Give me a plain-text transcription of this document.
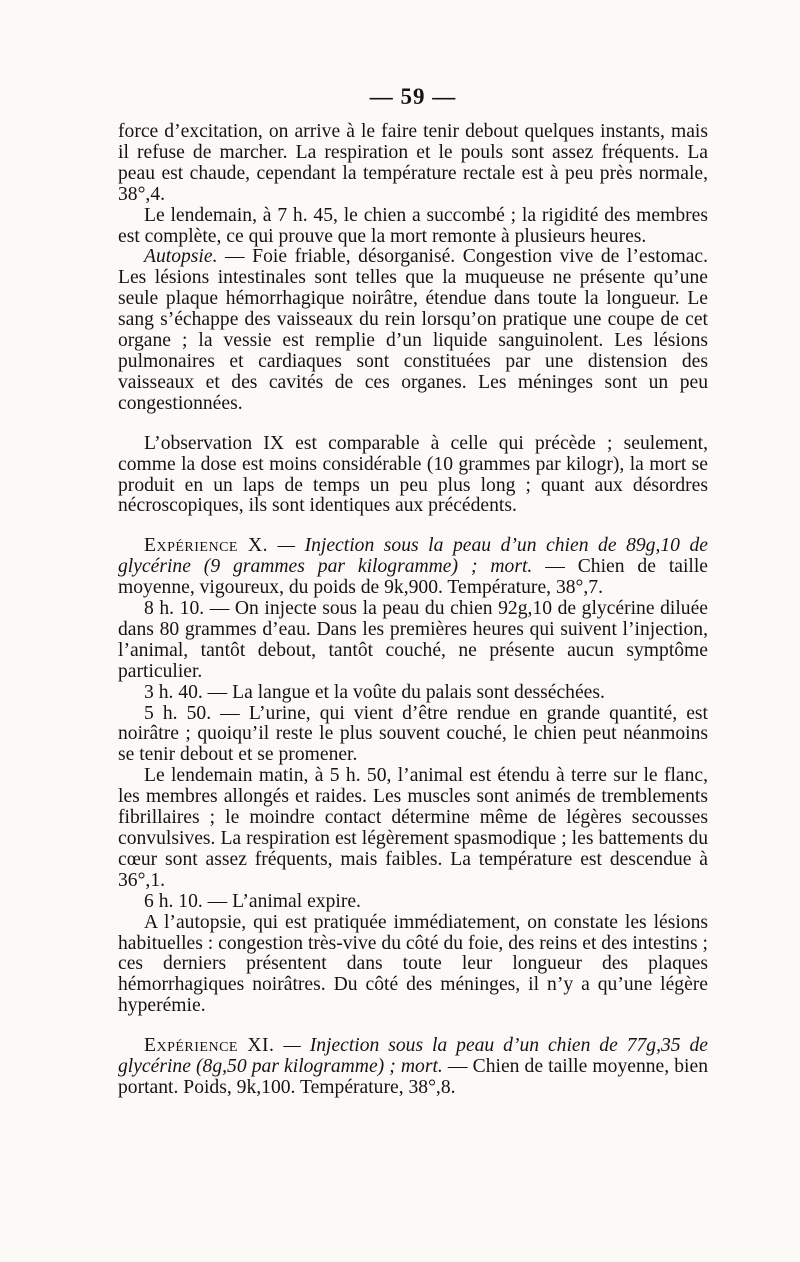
— 59 —

force d’excitation, on arrive à le faire tenir debout quelques instants, mais il refuse de marcher. La respiration et le pouls sont assez fréquents. La peau est chaude, cependant la température rectale est à peu près normale, 38°,4.

Le lendemain, à 7 h. 45, le chien a succombé ; la rigidité des membres est complète, ce qui prouve que la mort remonte à plusieurs heures.

Autopsie. — Foie friable, désorganisé. Congestion vive de l’estomac. Les lésions intestinales sont telles que la muqueuse ne présente qu’une seule plaque hémorrhagique noirâtre, étendue dans toute la longueur. Le sang s’échappe des vaisseaux du rein lorsqu’on pratique une coupe de cet organe ; la vessie est remplie d’un liquide sanguinolent. Les lésions pulmonaires et cardiaques sont constituées par une distension des vaisseaux et des cavités de ces organes. Les méninges sont un peu congestionnées.

L’observation IX est comparable à celle qui précède ; seulement, comme la dose est moins considérable (10 grammes par kilogr), la mort se produit en un laps de temps un peu plus long ; quant aux désordres nécroscopiques, ils sont identiques aux précédents.

Expérience X. — Injection sous la peau d’un chien de 89g,10 de glycérine (9 grammes par kilogramme) ; mort. — Chien de taille moyenne, vigoureux, du poids de 9k,900. Température, 38°,7.

8 h. 10. — On injecte sous la peau du chien 92g,10 de glycérine diluée dans 80 grammes d’eau. Dans les premières heures qui suivent l’injection, l’animal, tantôt debout, tantôt couché, ne présente aucun symptôme particulier.

3 h. 40. — La langue et la voûte du palais sont desséchées.

5 h. 50. — L’urine, qui vient d’être rendue en grande quantité, est noirâtre ; quoiqu’il reste le plus souvent couché, le chien peut néanmoins se tenir debout et se promener.

Le lendemain matin, à 5 h. 50, l’animal est étendu à terre sur le flanc, les membres allongés et raides. Les muscles sont animés de tremblements fibrillaires ; le moindre contact détermine même de légères secousses convulsives. La respiration est légèrement spasmodique ; les battements du cœur sont assez fréquents, mais faibles. La température est descendue à 36°,1.

6 h. 10. — L’animal expire.

A l’autopsie, qui est pratiquée immédiatement, on constate les lésions habituelles : congestion très-vive du côté du foie, des reins et des intestins ; ces derniers présentent dans toute leur longueur des plaques hémorrhagiques noirâtres. Du côté des méninges, il n’y a qu’une légère hyperémie.

Expérience XI. — Injection sous la peau d’un chien de 77g,35 de glycérine (8g,50 par kilogramme) ; mort. — Chien de taille moyenne, bien portant. Poids, 9k,100. Température, 38°,8.
